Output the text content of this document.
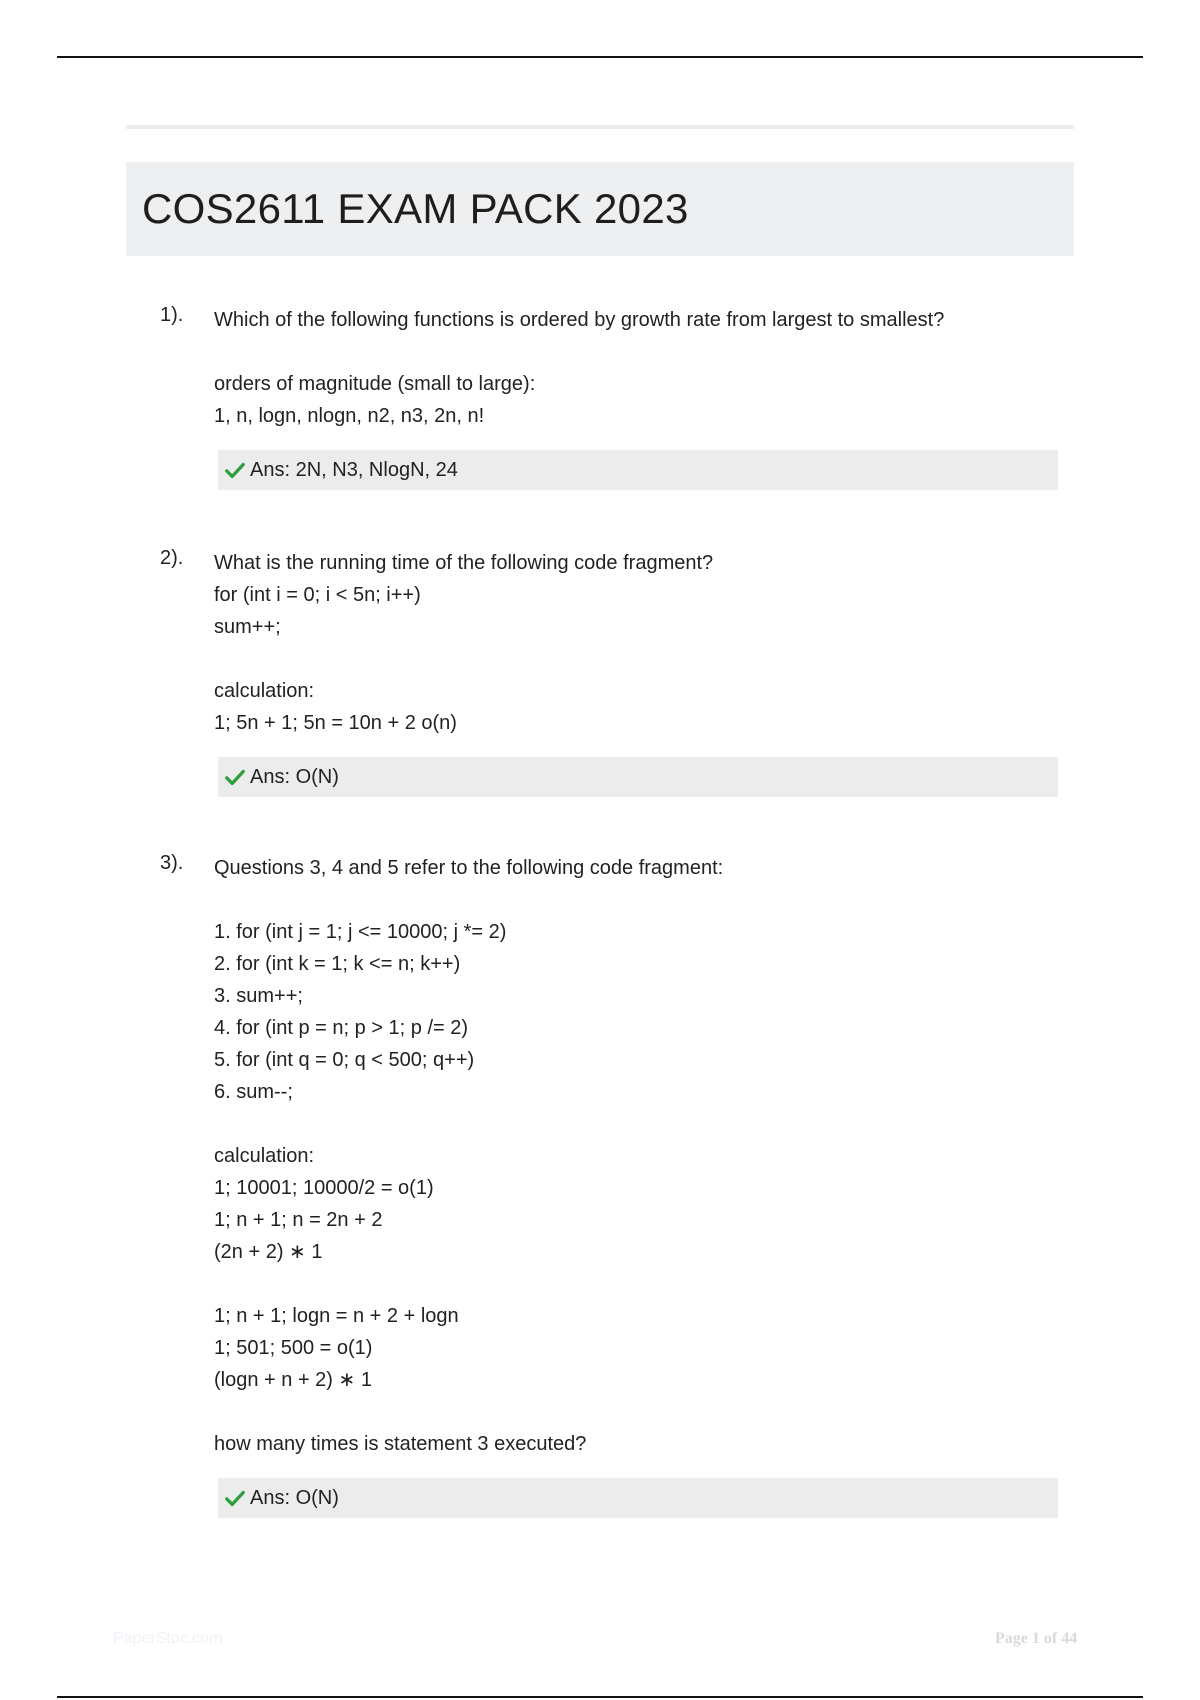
COS2611 EXAM PACK 2023
1). Which of the following functions is ordered by growth rate from largest to smallest?
orders of magnitude (small to large):
1, n, logn, nlogn, n2, n3, 2n, n!
Ans: 2N, N3, NlogN, 24
2). What is the running time of the following code fragment?
for (int i = 0; i < 5n; i++)
sum++;
calculation:
1; 5n + 1; 5n = 10n + 2 o(n)
Ans: O(N)
3). Questions 3, 4 and 5 refer to the following code fragment:
1. for (int j = 1; j <= 10000; j *= 2)
2. for (int k = 1; k <= n; k++)
3. sum++;
4. for (int p = n; p > 1; p /= 2)
5. for (int q = 0; q < 500; q++)
6. sum--;
calculation:
1; 10001; 10000/2 = o(1)
1; n + 1; n = 2n + 2
(2n + 2) ∗ 1
1; n + 1; logn = n + 2 + logn
1; 501; 500 = o(1)
(logn + n + 2) ∗ 1
how many times is statement 3 executed?
Ans: O(N)
PaperStoc.com	Page 1 of 44
